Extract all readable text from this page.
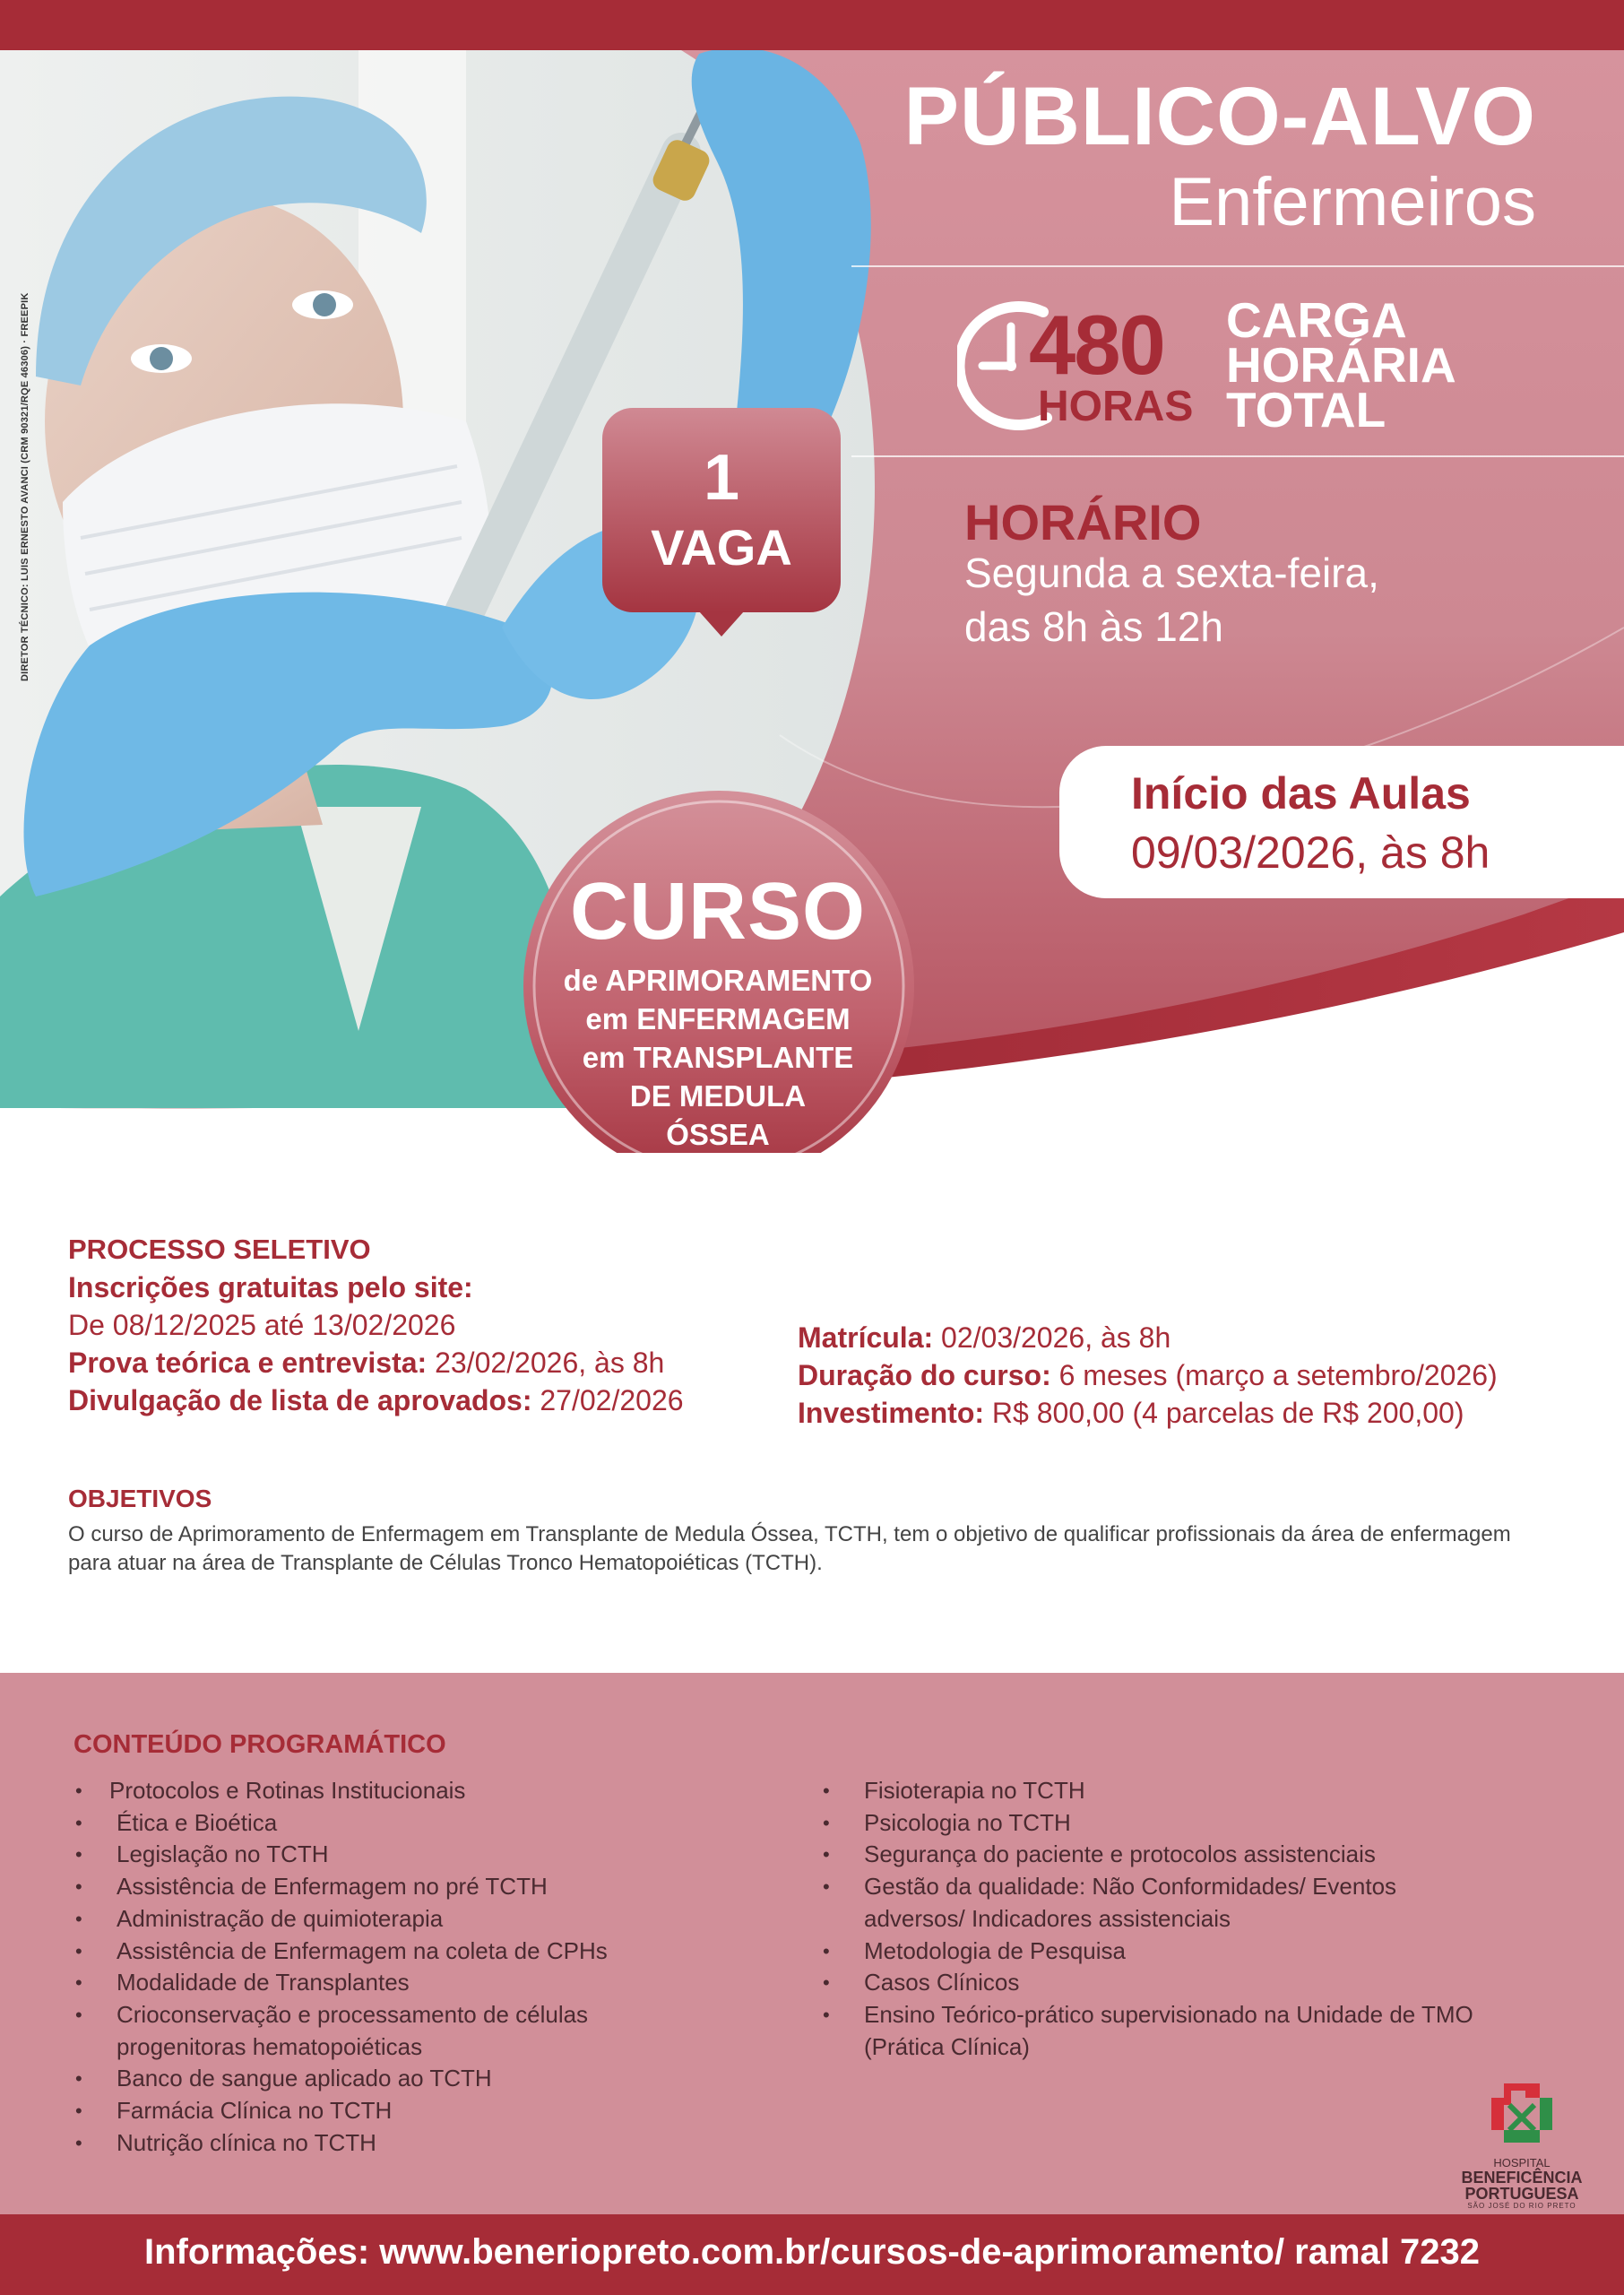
DIRETOR TÉCNICO: LUIS ERNESTO AVANCI (CRM 90321/RQE 46306) · FREEPIK
PÚBLICO-ALVO
Enfermeiros
480
HORAS
CARGA
HORÁRIA
TOTAL
HORÁRIO
Segunda a sexta-feira,
das 8h às 12h
1
VAGA
Início das Aulas
09/03/2026, às 8h
CURSO
de APRIMORAMENTO
em ENFERMAGEM
em TRANSPLANTE
DE MEDULA
ÓSSEA
PROCESSO SELETIVO
Inscrições gratuitas pelo site:
De 08/12/2025 até 13/02/2026
Prova teórica e entrevista: 23/02/2026, às 8h
Divulgação de lista de aprovados: 27/02/2026
Matrícula: 02/03/2026, às 8h
Duração do curso: 6 meses (março a setembro/2026)
Investimento: R$ 800,00 (4 parcelas de R$ 200,00)
OBJETIVOS
O curso de Aprimoramento de Enfermagem em Transplante de Medula Óssea, TCTH, tem o objetivo de qualificar profissionais da área de enfermagem para atuar na área de Transplante de Células Tronco Hematopoiéticas (TCTH).
CONTEÚDO PROGRAMÁTICO
• Protocolos e Rotinas Institucionais
• Ética e Bioética
• Legislação no TCTH
• Assistência de Enfermagem no pré TCTH
• Administração de quimioterapia
• Assistência de Enfermagem na coleta de CPHs
• Modalidade de Transplantes
• Crioconservação e processamento de células progenitoras hematopoiéticas
• Banco de sangue aplicado ao TCTH
• Farmácia Clínica no TCTH
• Nutrição clínica no TCTH
• Fisioterapia no TCTH
• Psicologia no TCTH
• Segurança do paciente e protocolos assistenciais
• Gestão da qualidade: Não Conformidades/ Eventos adversos/ Indicadores assistenciais
• Metodologia de Pesquisa
• Casos Clínicos
• Ensino Teórico-prático supervisionado na Unidade de TMO (Prática Clínica)
HOSPITAL
BENEFICÊNCIA
PORTUGUESA
SÃO JOSÉ DO RIO PRETO
Informações: www.beneriopreto.com.br/cursos-de-aprimoramento/ ramal 7232
